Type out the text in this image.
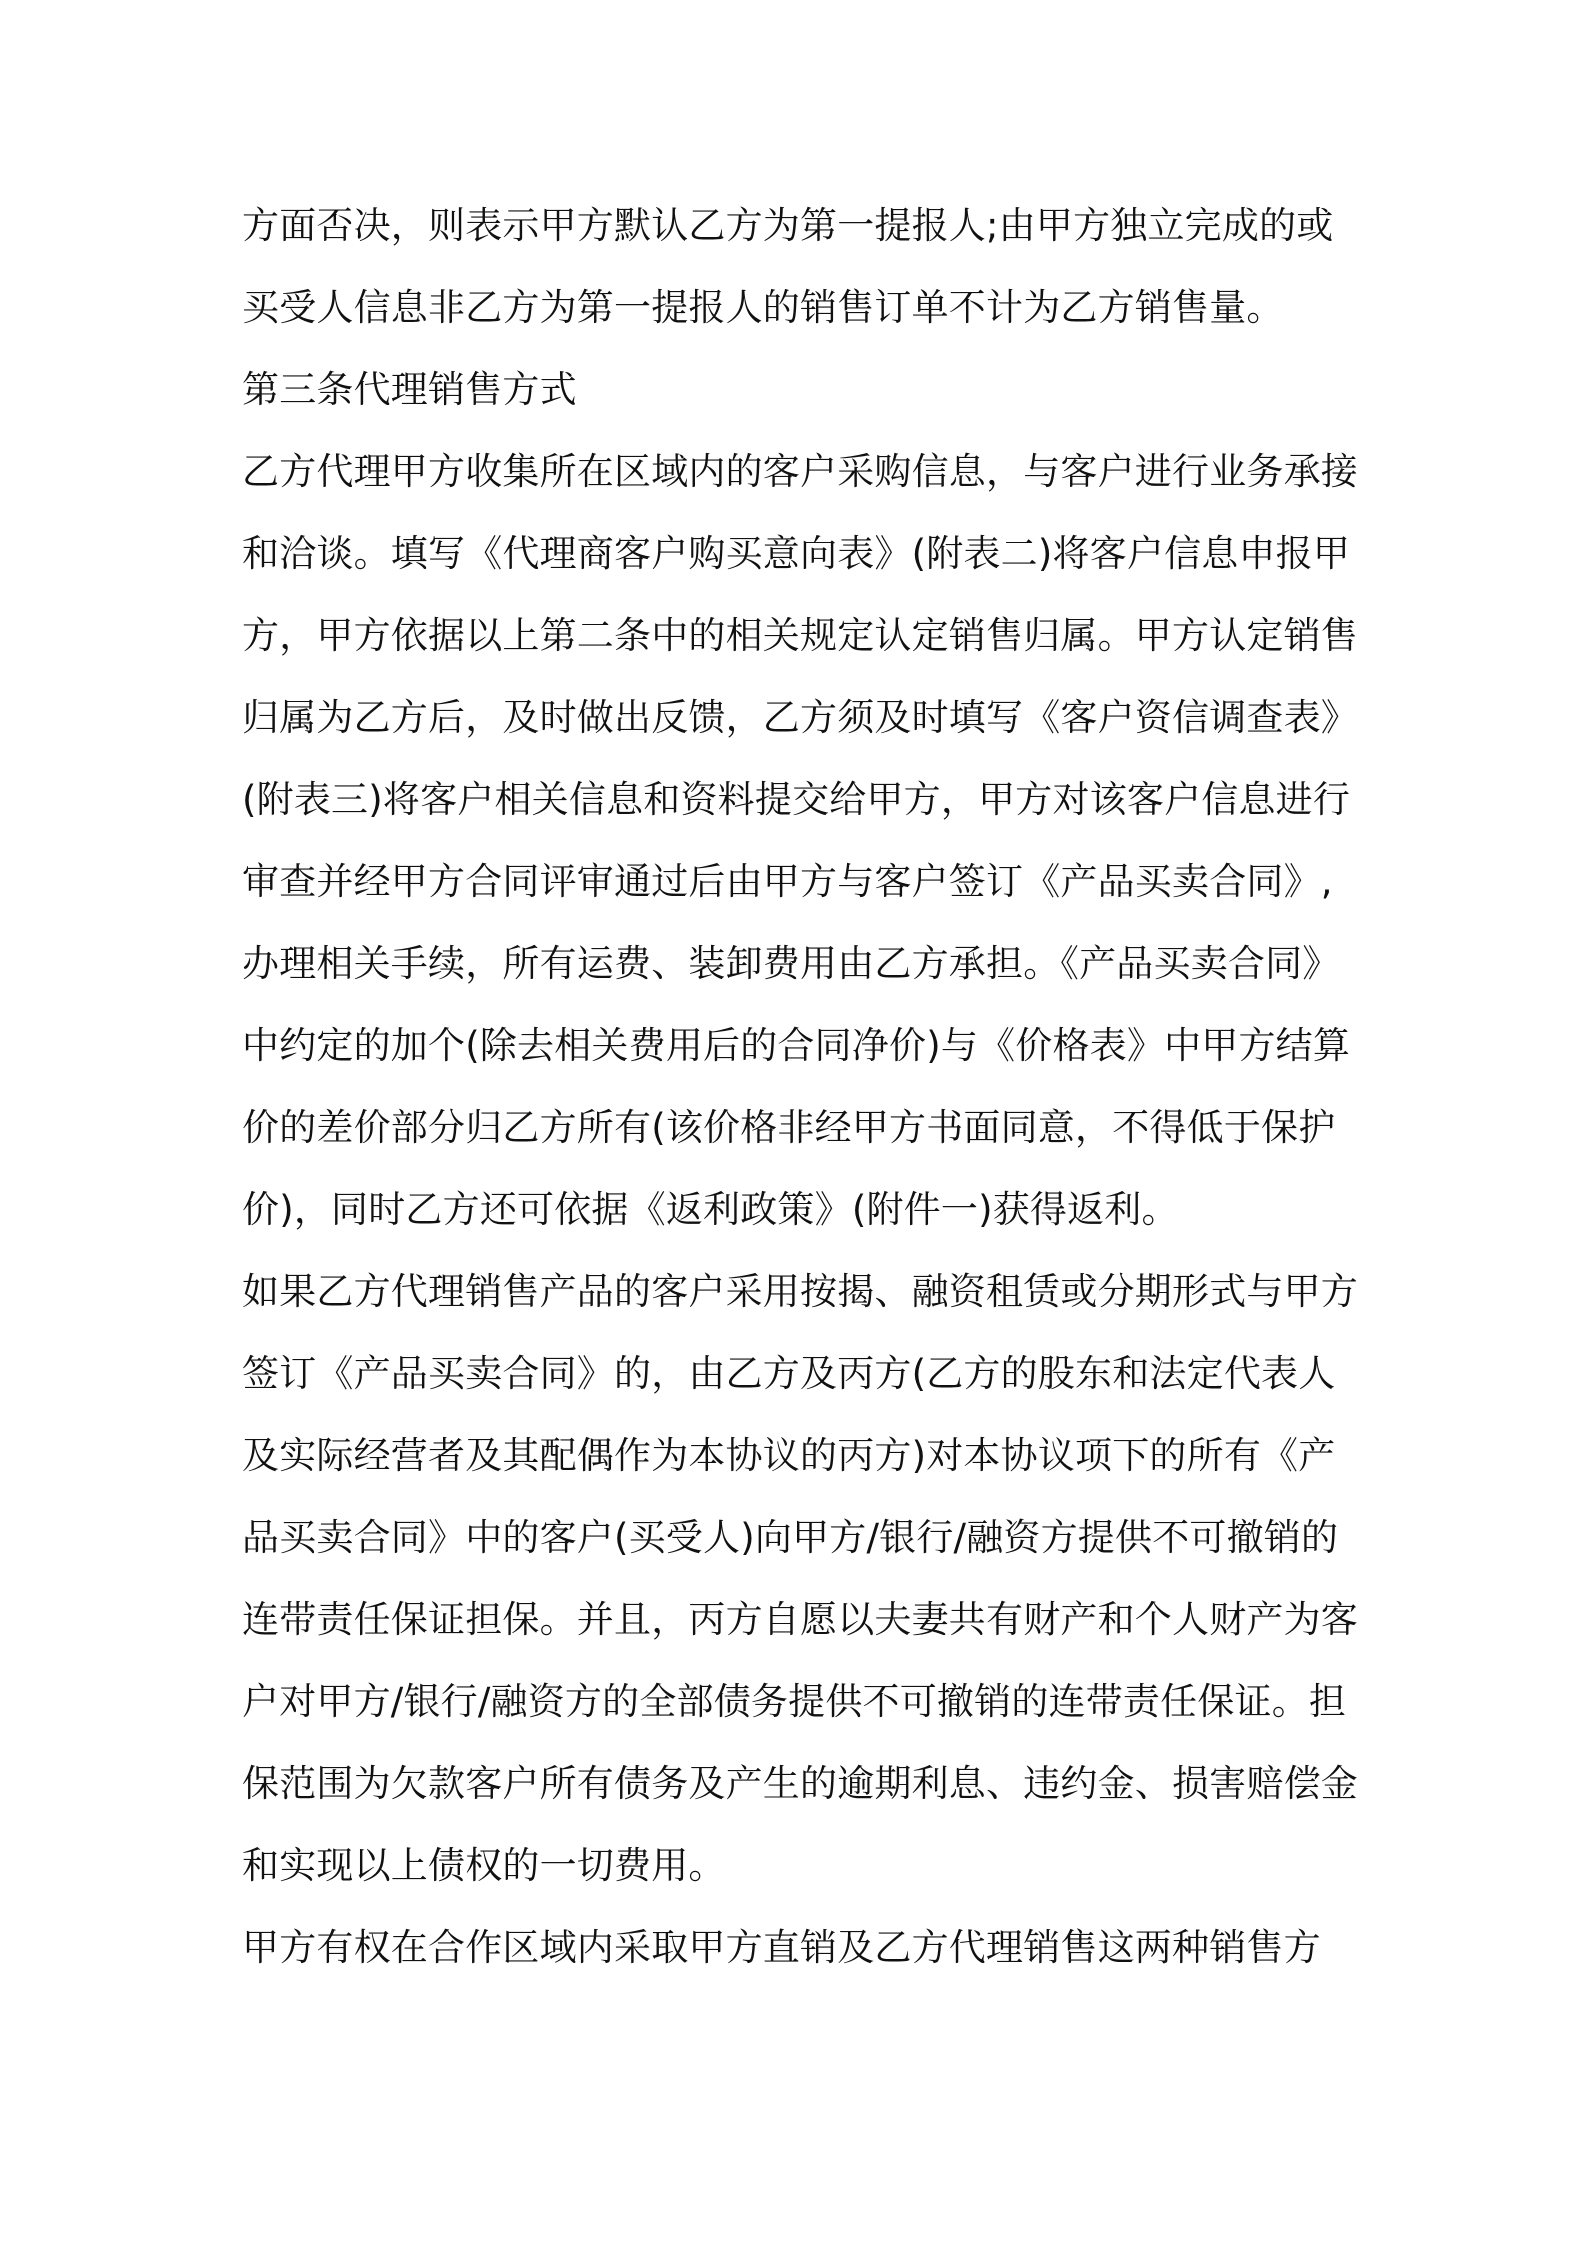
方面否决，则表示甲方默认乙方为第一提报人;由甲方独立完成的或
买受人信息非乙方为第一提报人的销售订单不计为乙方销售量。
第三条代理销售方式
乙方代理甲方收集所在区域内的客户采购信息，与客户进行业务承接
和洽谈。填写《代理商客户购买意向表》(附表二)将客户信息申报甲
方，甲方依据以上第二条中的相关规定认定销售归属。甲方认定销售
归属为乙方后，及时做出反馈，乙方须及时填写《客户资信调查表》
(附表三)将客户相关信息和资料提交给甲方，甲方对该客户信息进行
审查并经甲方合同评审通过后由甲方与客户签订《产品买卖合同》,
办理相关手续，所有运费、装卸费用由乙方承担。《产品买卖合同》
中约定的加个(除去相关费用后的合同净价)与《价格表》中甲方结算
价的差价部分归乙方所有(该价格非经甲方书面同意，不得低于保护
价)，同时乙方还可依据《返利政策》(附件一)获得返利。
如果乙方代理销售产品的客户采用按揭、融资租赁或分期形式与甲方
签订《产品买卖合同》的，由乙方及丙方(乙方的股东和法定代表人
及实际经营者及其配偶作为本协议的丙方)对本协议项下的所有《产
品买卖合同》中的客户(买受人)向甲方/银行/融资方提供不可撤销的
连带责任保证担保。并且，丙方自愿以夫妻共有财产和个人财产为客
户对甲方/银行/融资方的全部债务提供不可撤销的连带责任保证。担
保范围为欠款客户所有债务及产生的逾期利息、违约金、损害赔偿金
和实现以上债权的一切费用。
甲方有权在合作区域内采取甲方直销及乙方代理销售这两种销售方
